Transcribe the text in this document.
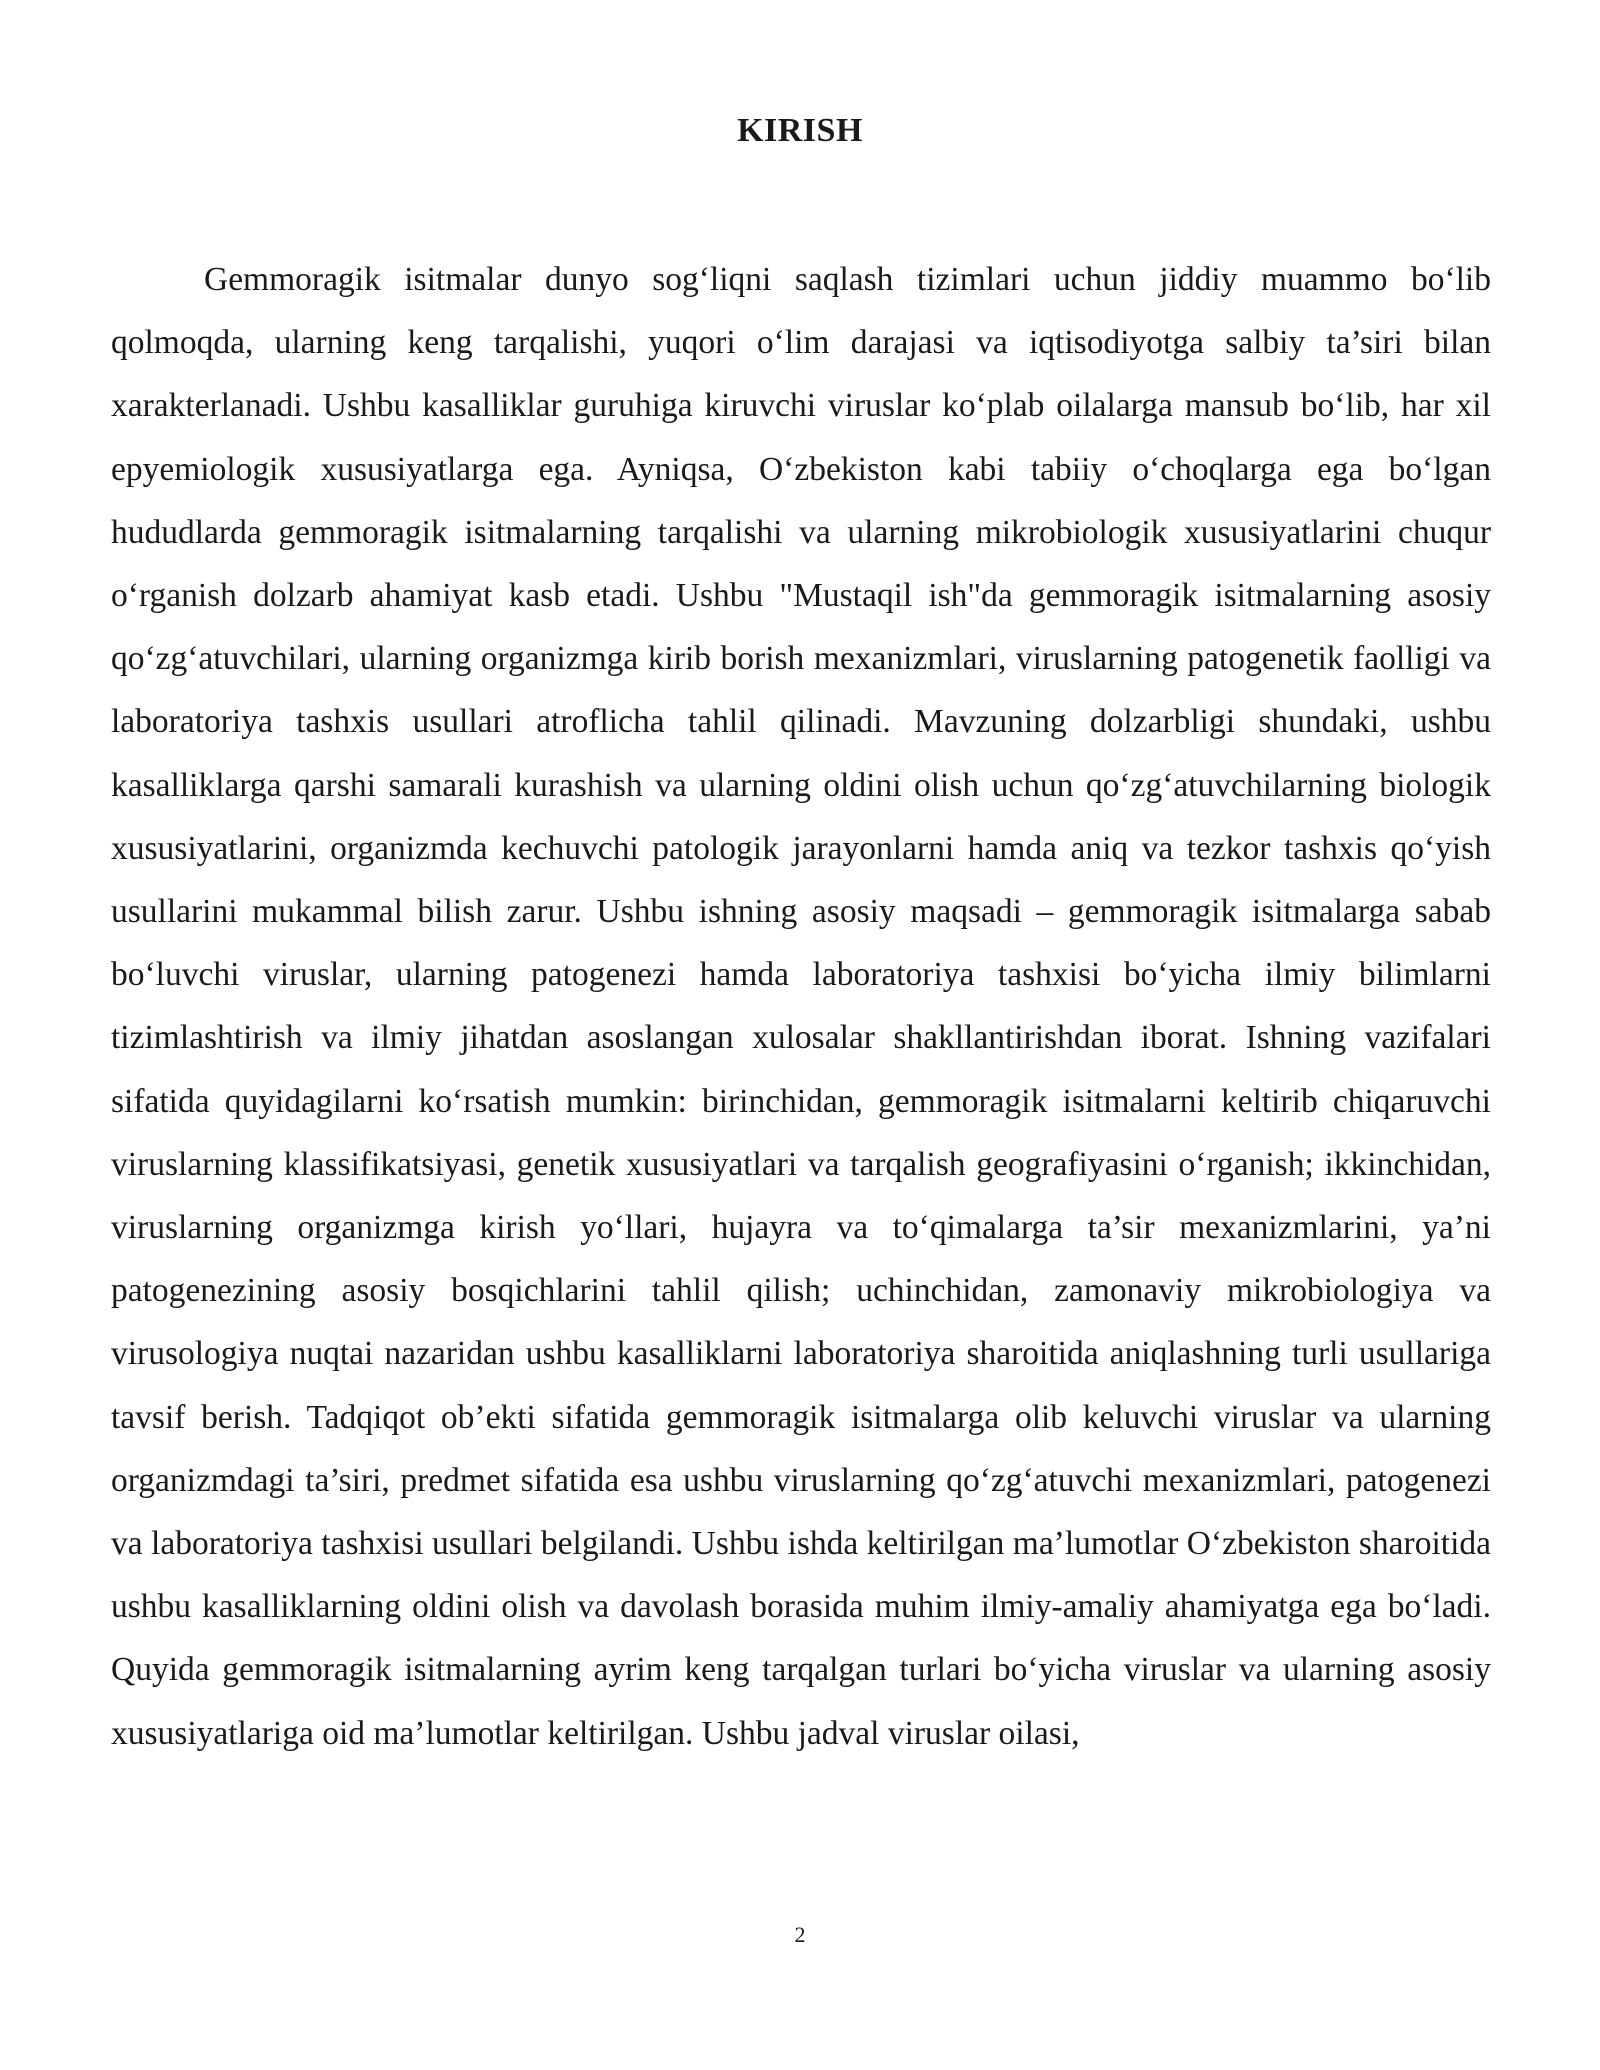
KIRISH

Gemmoragik isitmalar dunyo sog‘liqni saqlash tizimlari uchun jiddiy muammo bo‘lib qolmoqda, ularning keng tarqalishi, yuqori o‘lim darajasi va iqtisodiyotga salbiy ta’siri bilan xarakterlanadi. Ushbu kasalliklar guruhiga kiruvchi viruslar ko‘plab oilalarga mansub bo‘lib, har xil epyemiologik xususiyatlarga ega. Ayniqsa, O‘zbekiston kabi tabiiy o‘choqlarga ega bo‘lgan hududlarda gemmoragik isitmalarning tarqalishi va ularning mikrobiologik xususiyatlarini chuqur o‘rganish dolzarb ahamiyat kasb etadi. Ushbu "Mustaqil ish"da gemmoragik isitmalarning asosiy qo‘zg‘atuvchilari, ularning organizmga kirib borish mexanizmlari, viruslarning patogenetik faolligi va laboratoriya tashxis usullari atroflicha tahlil qilinadi. Mavzuning dolzarbligi shundaki, ushbu kasalliklarga qarshi samarali kurashish va ularning oldini olish uchun qo‘zg‘atuvchilarning biologik xususiyatlarini, organizmda kechuvchi patologik jarayonlarni hamda aniq va tezkor tashxis qo‘yish usullarini mukammal bilish zarur. Ushbu ishning asosiy maqsadi – gemmoragik isitmalarga sabab bo‘luvchi viruslar, ularning patogenezi hamda laboratoriya tashxisi bo‘yicha ilmiy bilimlarni tizimlashtirish va ilmiy jihatdan asoslangan xulosalar shakllantirishdan iborat. Ishning vazifalari sifatida quyidagilarni ko‘rsatish mumkin: birinchidan, gemmoragik isitmalarni keltirib chiqaruvchi viruslarning klassifikatsiyasi, genetik xususiyatlari va tarqalish geografiyasini o‘rganish; ikkinchidan, viruslarning organizmga kirish yo‘llari, hujayra va to‘qimalarga ta’sir mexanizmlarini, ya’ni patogenezining asosiy bosqichlarini tahlil qilish; uchinchidan, zamonaviy mikrobiologiya va virusologiya nuqtai nazaridan ushbu kasalliklarni laboratoriya sharoitida aniqlashning turli usullariga tavsif berish. Tadqiqot ob’ekti sifatida gemmoragik isitmalarga olib keluvchi viruslar va ularning organizmdagi ta’siri, predmet sifatida esa ushbu viruslarning qo‘zg‘atuvchi mexanizmlari, patogenezi va laboratoriya tashxisi usullari belgilandi. Ushbu ishda keltirilgan ma’lumotlar O‘zbekiston sharoitida ushbu kasalliklarning oldini olish va davolash borasida muhim ilmiy-amaliy ahamiyatga ega bo‘ladi. Quyida gemmoragik isitmalarning ayrim keng tarqalgan turlari bo‘yicha viruslar va ularning asosiy xususiyatlariga oid ma’lumotlar keltirilgan. Ushbu jadval viruslar oilasi,

2
